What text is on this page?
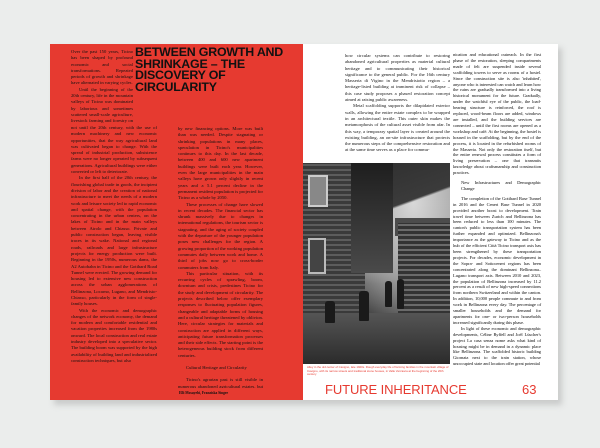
BETWEEN GROWTH AND SHRINKAGE – THE DISCOVERY OF CIRCULARITY

Over the past 150 years, Ticino has been shaped by profound economic and social transformations. Repeated periods of growth and shrinkage have alternated in varying cycles.

Until the beginning of the 20th century, life in the mountain valleys of Ticino was dominated by laborious and sometimes scattered small-scale agriculture, livestock farming and forestry on

not until the 20th century, with the use of modern machinery and new economic opportunities, that the way agricultural land was cultivated began to change. With the spread of industrial production, subsistence farms were no longer operated by subsequent generations. Agricultural buildings were either converted or left to deteriorate.

In the first half of the 20th century, the flourishing global trade in goods, the incipient division of labor and the creation of national infrastructure to meet the needs of a modern work and leisure society led to rapid economic and spatial change, with the population concentrating in the urban centers, on the lakes of Ticino and in the main valleys between Airolo and Chiasso. Private and public construction began, leaving visible traces in its wake. National and regional roads, railroads and large infrastructure projects for energy production were built. Beginning in the 1950s, numerous dams, the A2 Autobahn in Ticino and the Gotthard Road Tunnel were erected. The growing demand for housing led to extensive new construction across the urban agglomerations of Bellinzona, Locarno, Lugano, and Mendrisio-Chiasso, particularly in the form of single-family houses.

With the economic and demographic changes of the network economy, the demand for modern and comfortable residential and vacation properties increased from the 1980s onward. The local construction and real estate industry developed into a speculative sector. The building boom was supported by the high availability of building land and industrialized construction techniques, but also

by new financing options. More was built than was needed. Despite stagnating or shrinking populations in many places, speculation in Ticino's municipalities continues to this day. In the last decade, between 400 and 600 new apartment buildings were built each year. However, even the large municipalities in the main valleys have grown only slightly in recent years and a 5.1 percent decline in the permanent resident population is projected for Ticino as a whole by 2050.

These processes of change have slowed in recent decades. The financial sector has shrunk massively due to changes in international regulations, the tourism sector is stagnating, and the aging of society coupled with the departure of the younger population poses new challenges for the region. A growing proportion of the working population commutes daily between work and home. A third of jobs now go to cross-border commuters from Italy.

This particular situation, with its recurring cycles of sprawling, boom, downturn and crisis, predestines Ticino for the study and development of circularity. The projects described below offer exemplary responses to fluctuating population figures, changeable and adaptable forms of housing and a cultural heritage threatened by oblivion. Here, circular strategies for materials and construction are applied in different ways, anticipating future transformation processes and their side effects. The starting point is the heterogeneous building stock from different centuries.

Cultural Heritage and Circularity

Ticino's agrarian past is still visible in numerous abandoned agricultural estates, but

Elli Mosayebi, Franziska Singer

how circular systems can contribute to restoring abandoned agricultural properties as material cultural heritage and to communicating their historical significance to the general public. For the 16th century Masseria di Vigino in the Mendrisiotto region – a heritage-listed building at imminent risk of collapse – this case study proposes a phased restoration concept aimed at raising public awareness.

Metal scaffolding supports the dilapidated exterior walls, allowing the entire estate complex to be wrapped in an architectural textile. This outer skin makes the metamorphosis of the cultural asset visible from afar. In this way, a temporary spatial layer is created around the existing building, an on-site infrastructure that protects the numerous steps of the comprehensive restoration and at the same time serves as a place for commu-

nication and educational outreach. In the first phase of the restoration, sleeping compartments made of felt are suspended inside several scaffolding towers to serve as rooms of a hostel. Since the construction site is also 'inhabited', anyone who is interested can watch and learn how the ruins are gradually transformed into a living historical monument for the future. Gradually, under the watchful eye of the public, the load-bearing structure is reinforced, the roof is replaced, wood-beam floors are added, windows are installed, and the building services are connected – until the first rooms are opened as a workshop and café. At the beginning, the hostel is housed in the scaffolding, but by the end of the process, it is located in the refurbished rooms of the Masseria. Not only the restoration itself, but the entire renewal process constitutes a form of living preservation – one that transmits knowledge about craftsmanship and construction practices.

New Infrastructures and Demographic Change

The completion of the Gotthard Base Tunnel in 2016 and the Ceneri Base Tunnel in 2020 provided another boost to development. Train travel time between Zurich and Bellinzona has been reduced to less than 100 minutes. The canton's public transportation system has been further expanded and optimized. Bellinzona's importance as the gateway to Ticino and as the hub of the efficient Città Ticino transport axis has been strengthened by these transportation projects. For decades, economic development in the Sopra- and Sottoceneri regions has been concentrated along the dominant Bellinzona–Lugano transport axis. Between 2010 and 2023, the population of Bellinzona increased by 11.2 percent as a result of new high-speed connections from northern Switzerland and within the canton. In addition, 10,000 people commute to and from work in Bellinzona every day. The percentage of smaller households and the demand for apartments for one- or two-person households increased significantly during this phase.

In light of these economic and demographic developments, Céline Ryffell and Joël Lüscher's project La casa senza nome asks what kind of housing might be in demand in a dynamic place like Bellinzona. The scaffolded historic building Giornata next to the train station, whose unoccupied state and location offer great potential

Alley in the old center of Cavigno, late 1920s. Rough everyday life of farming families in the mountain village of Cavigno, with its narrow streets and traditional stone houses, in Valle Verzasca at the beginning of the 20th century
FUTURE INHERITANCE	63
